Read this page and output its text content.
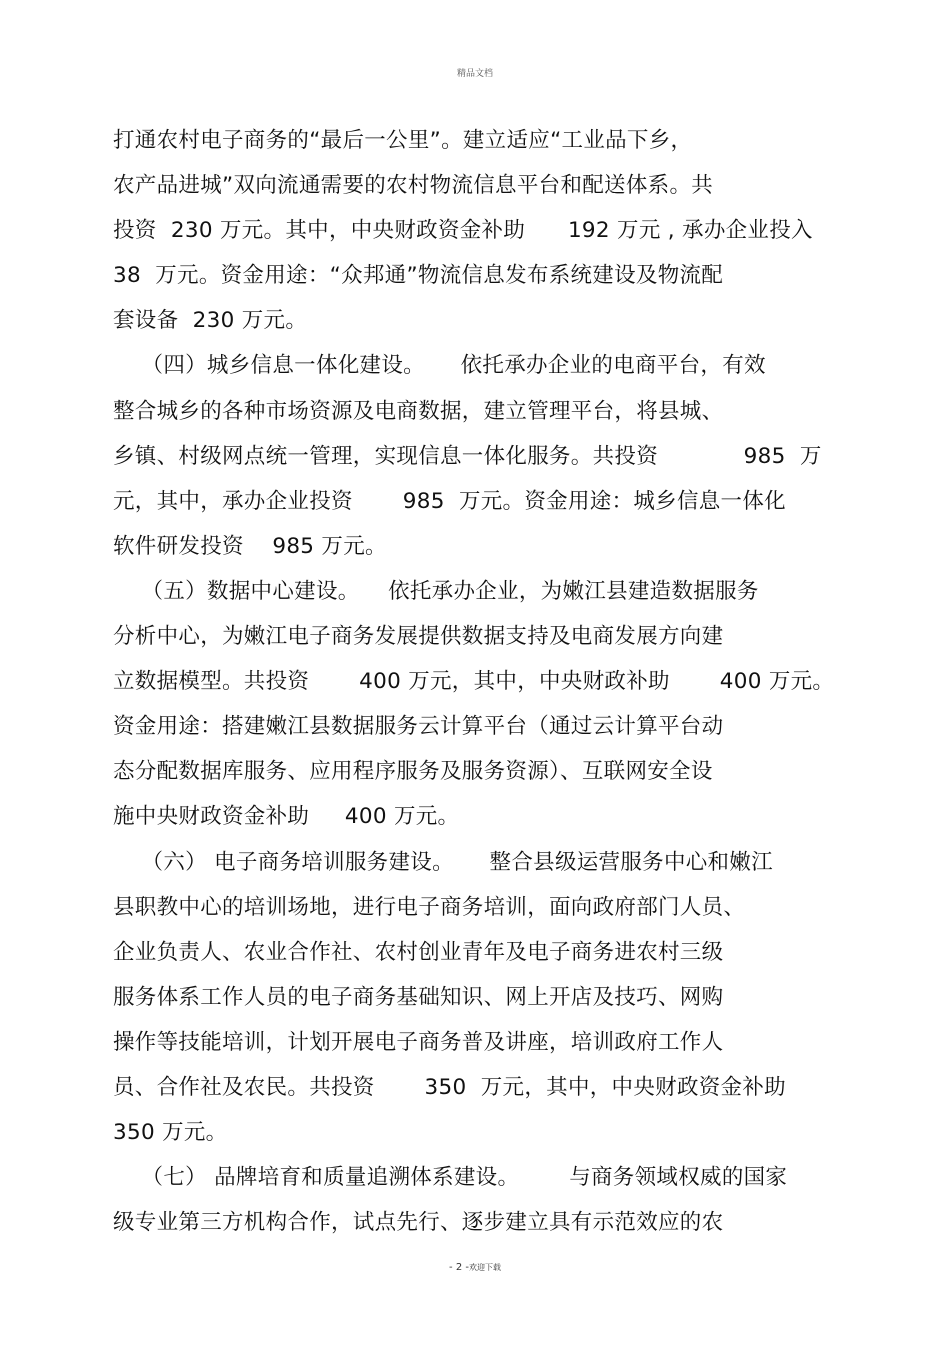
精品文档
打通农村电子商务的“最后一公里”。建立适应“工业品下乡，
农产品进城”双向流通需要的农村物流信息平台和配送体系。共
投资  230 万元。其中，中央财政资金补助      192 万元 , 承办企业投入
38  万元。资金用途：“众邦通”物流信息发布系统建设及物流配
套设备  230 万元。
（四）城乡信息一体化建设。     依托承办企业的电商平台，有效
整合城乡的各种市场资源及电商数据，建立管理平台，将县城、
乡镇、村级网点统一管理，实现信息一体化服务。共投资            985  万
元，其中，承办企业投资       985  万元。资金用途：城乡信息一体化
软件研发投资    985 万元。
（五）数据中心建设。    依托承办企业，为嫩江县建造数据服务
分析中心，为嫩江电子商务发展提供数据支持及电商发展方向建
立数据模型。共投资       400 万元，其中，中央财政补助       400 万元。
资金用途：搭建嫩江县数据服务云计算平台（通过云计算平台动
态分配数据库服务、应用程序服务及服务资源）、互联网安全设
施中央财政资金补助     400 万元。
（六） 电子商务培训服务建设。     整合县级运营服务中心和嫩江
县职教中心的培训场地，进行电子商务培训，面向政府部门人员、
企业负责人、农业合作社、农村创业青年及电子商务进农村三级
服务体系工作人员的电子商务基础知识、网上开店及技巧、网购
操作等技能培训，计划开展电子商务普及讲座，培训政府工作人
员、合作社及农民。共投资       350  万元，其中，中央财政资金补助
350 万元。
（七） 品牌培育和质量追溯体系建设。       与商务领域权威的国家
级专业第三方机构合作，试点先行、逐步建立具有示范效应的农
- 2 -欢迎下载
